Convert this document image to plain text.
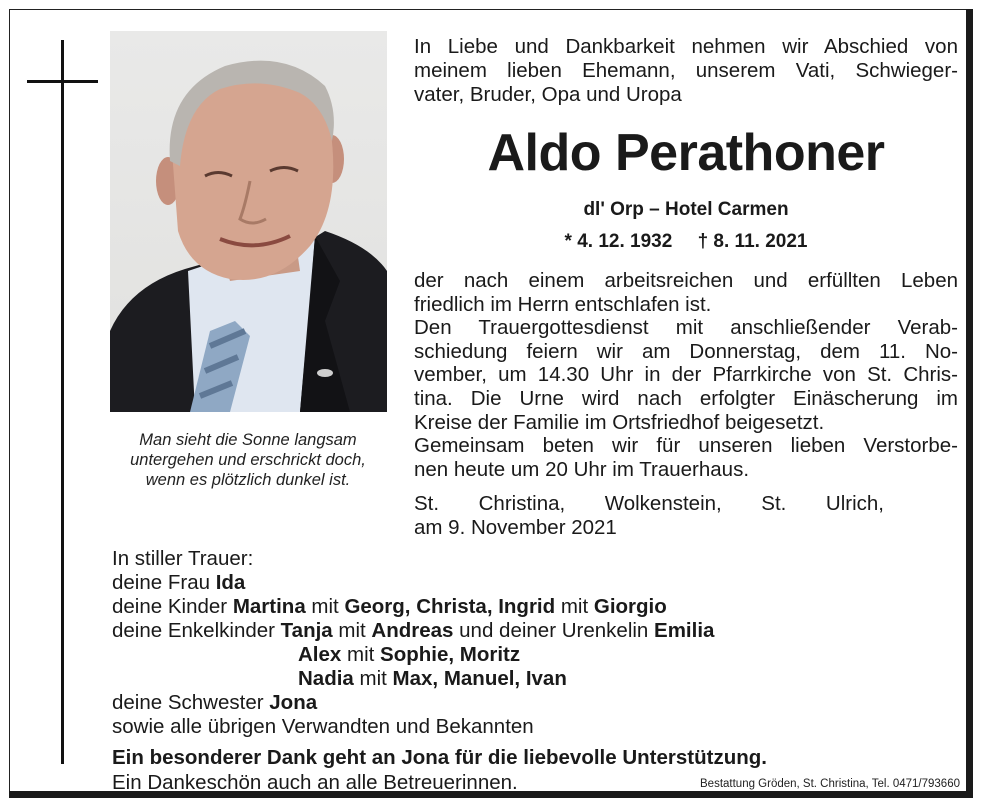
Man sieht die Sonne langsam
untergehen und erschrickt doch,
wenn es plötzlich dunkel ist.
In Liebe und Dankbarkeit nehmen wir Abschied von
meinem lieben Ehemann, unserem Vati, Schwieger-
vater, Bruder, Opa und Uropa
Aldo Perathoner
dl' Orp – Hotel Carmen
* 4. 12. 1932 † 8. 11. 2021
der nach einem arbeitsreichen und erfüllten Leben
friedlich im Herrn entschlafen ist.
Den Trauergottesdienst mit anschließender Verab-
schiedung feiern wir am Donnerstag, dem 11. No-
vember, um 14.30 Uhr in der Pfarrkirche von St. Chris-
tina. Die Urne wird nach erfolgter Einäscherung im
Kreise der Familie im Ortsfriedhof beigesetzt.
Gemeinsam beten wir für unseren lieben Verstorbe-
nen heute um 20 Uhr im Trauerhaus.
St. Christina, Wolkenstein, St. Ulrich,
am 9. November 2021
In stiller Trauer:
deine Frau Ida
deine Kinder Martina mit Georg, Christa, Ingrid mit Giorgio
deine Enkelkinder Tanja mit Andreas und deiner Urenkelin Emilia
Alex mit Sophie, Moritz
Nadia mit Max, Manuel, Ivan
deine Schwester Jona
sowie alle übrigen Verwandten und Bekannten
Ein besonderer Dank geht an Jona für die liebevolle Unterstützung.
Ein Dankeschön auch an alle Betreuerinnen.	Bestattung Gröden, St. Christina, Tel. 0471/793660
